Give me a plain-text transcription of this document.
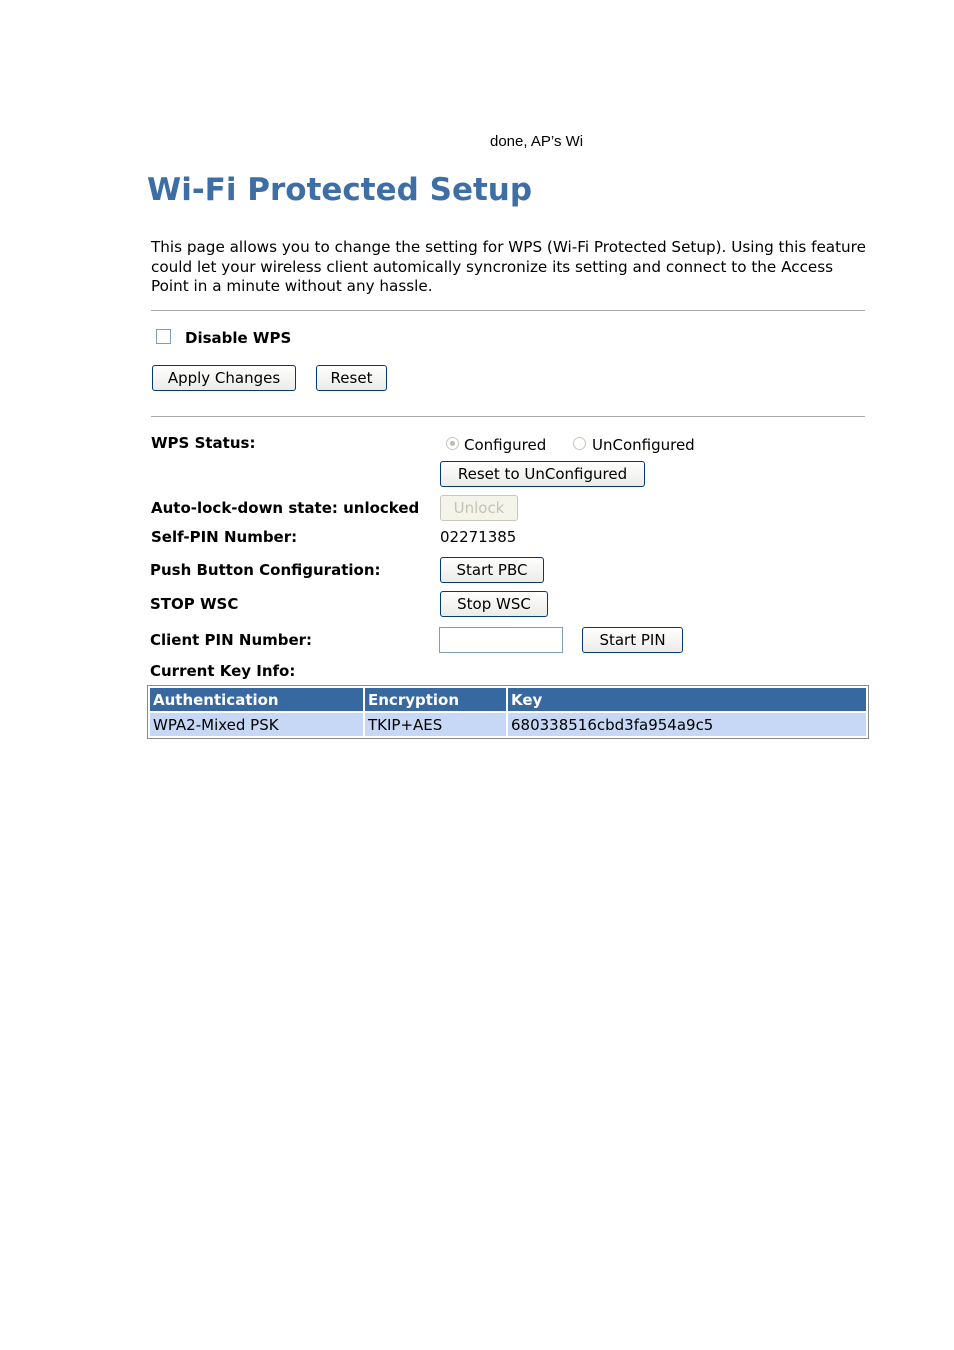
done, AP’s Wi
Wi-Fi Protected Setup
This page allows you to change the setting for WPS (Wi-Fi Protected Setup). Using this feature could let your wireless client automically syncronize its setting and connect to the Access Point in a minute without any hassle.
Disable WPS
Apply Changes	Reset
WPS Status:	Configured	UnConfigured
Reset to UnConfigured
Auto-lock-down state: unlocked	Unlock
Self-PIN Number:	02271385
Push Button Configuration:	Start PBC
STOP WSC	Stop WSC
Client PIN Number:	Start PIN
Current Key Info:
Authentication	Encryption	Key
WPA2-Mixed PSK	TKIP+AES	680338516cbd3fa954a9c5
